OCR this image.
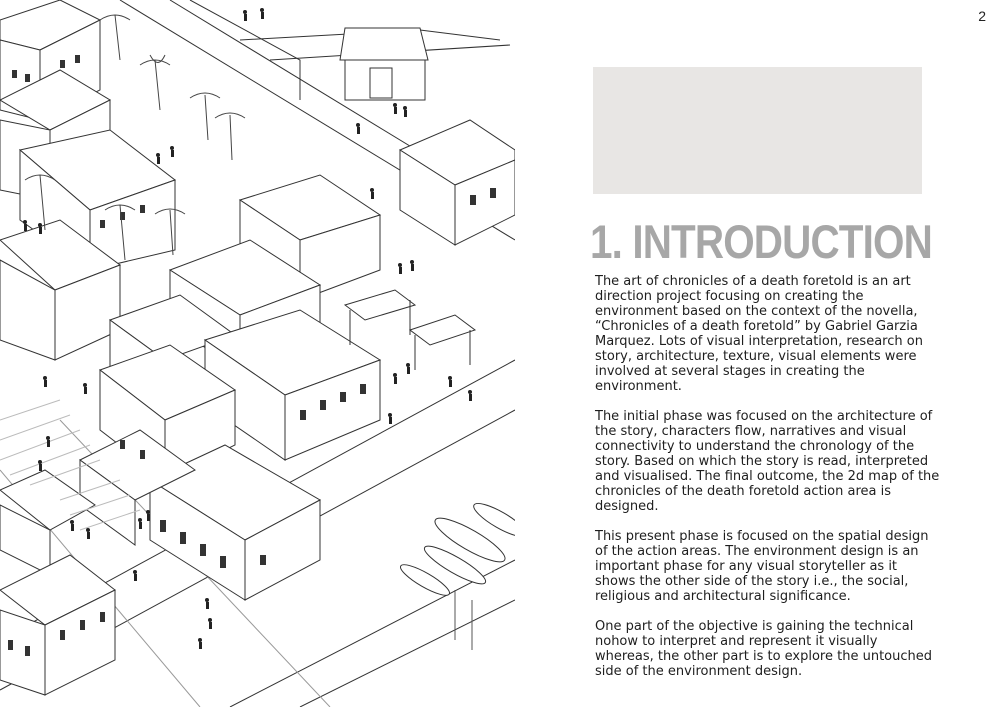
2
1. INTRODUCTION

The art of chronicles of a death foretold is an art direction project focusing on creating the environment based on the context of the novella, “Chronicles of a death foretold” by Gabriel Garzia Marquez. Lots of visual interpretation, research on story, architecture, texture, visual elements were involved at several stages in creating the environment.

The initial phase was focused on the architecture of the story, characters flow, narratives and visual connectivity to understand the chronology of the story. Based on which the story is read, interpreted and visualised. The final outcome, the 2d map of the chronicles of the death foretold action area is designed.

This present phase is focused on the spatial design of the action areas. The environment design is an important phase for any visual storyteller as it shows the other side of the story i.e., the social, religious and architectural significance.

One part of the objective is gaining the technical nohow to interpret and represent it visually whereas, the other part is to explore the untouched side of the environment design.
